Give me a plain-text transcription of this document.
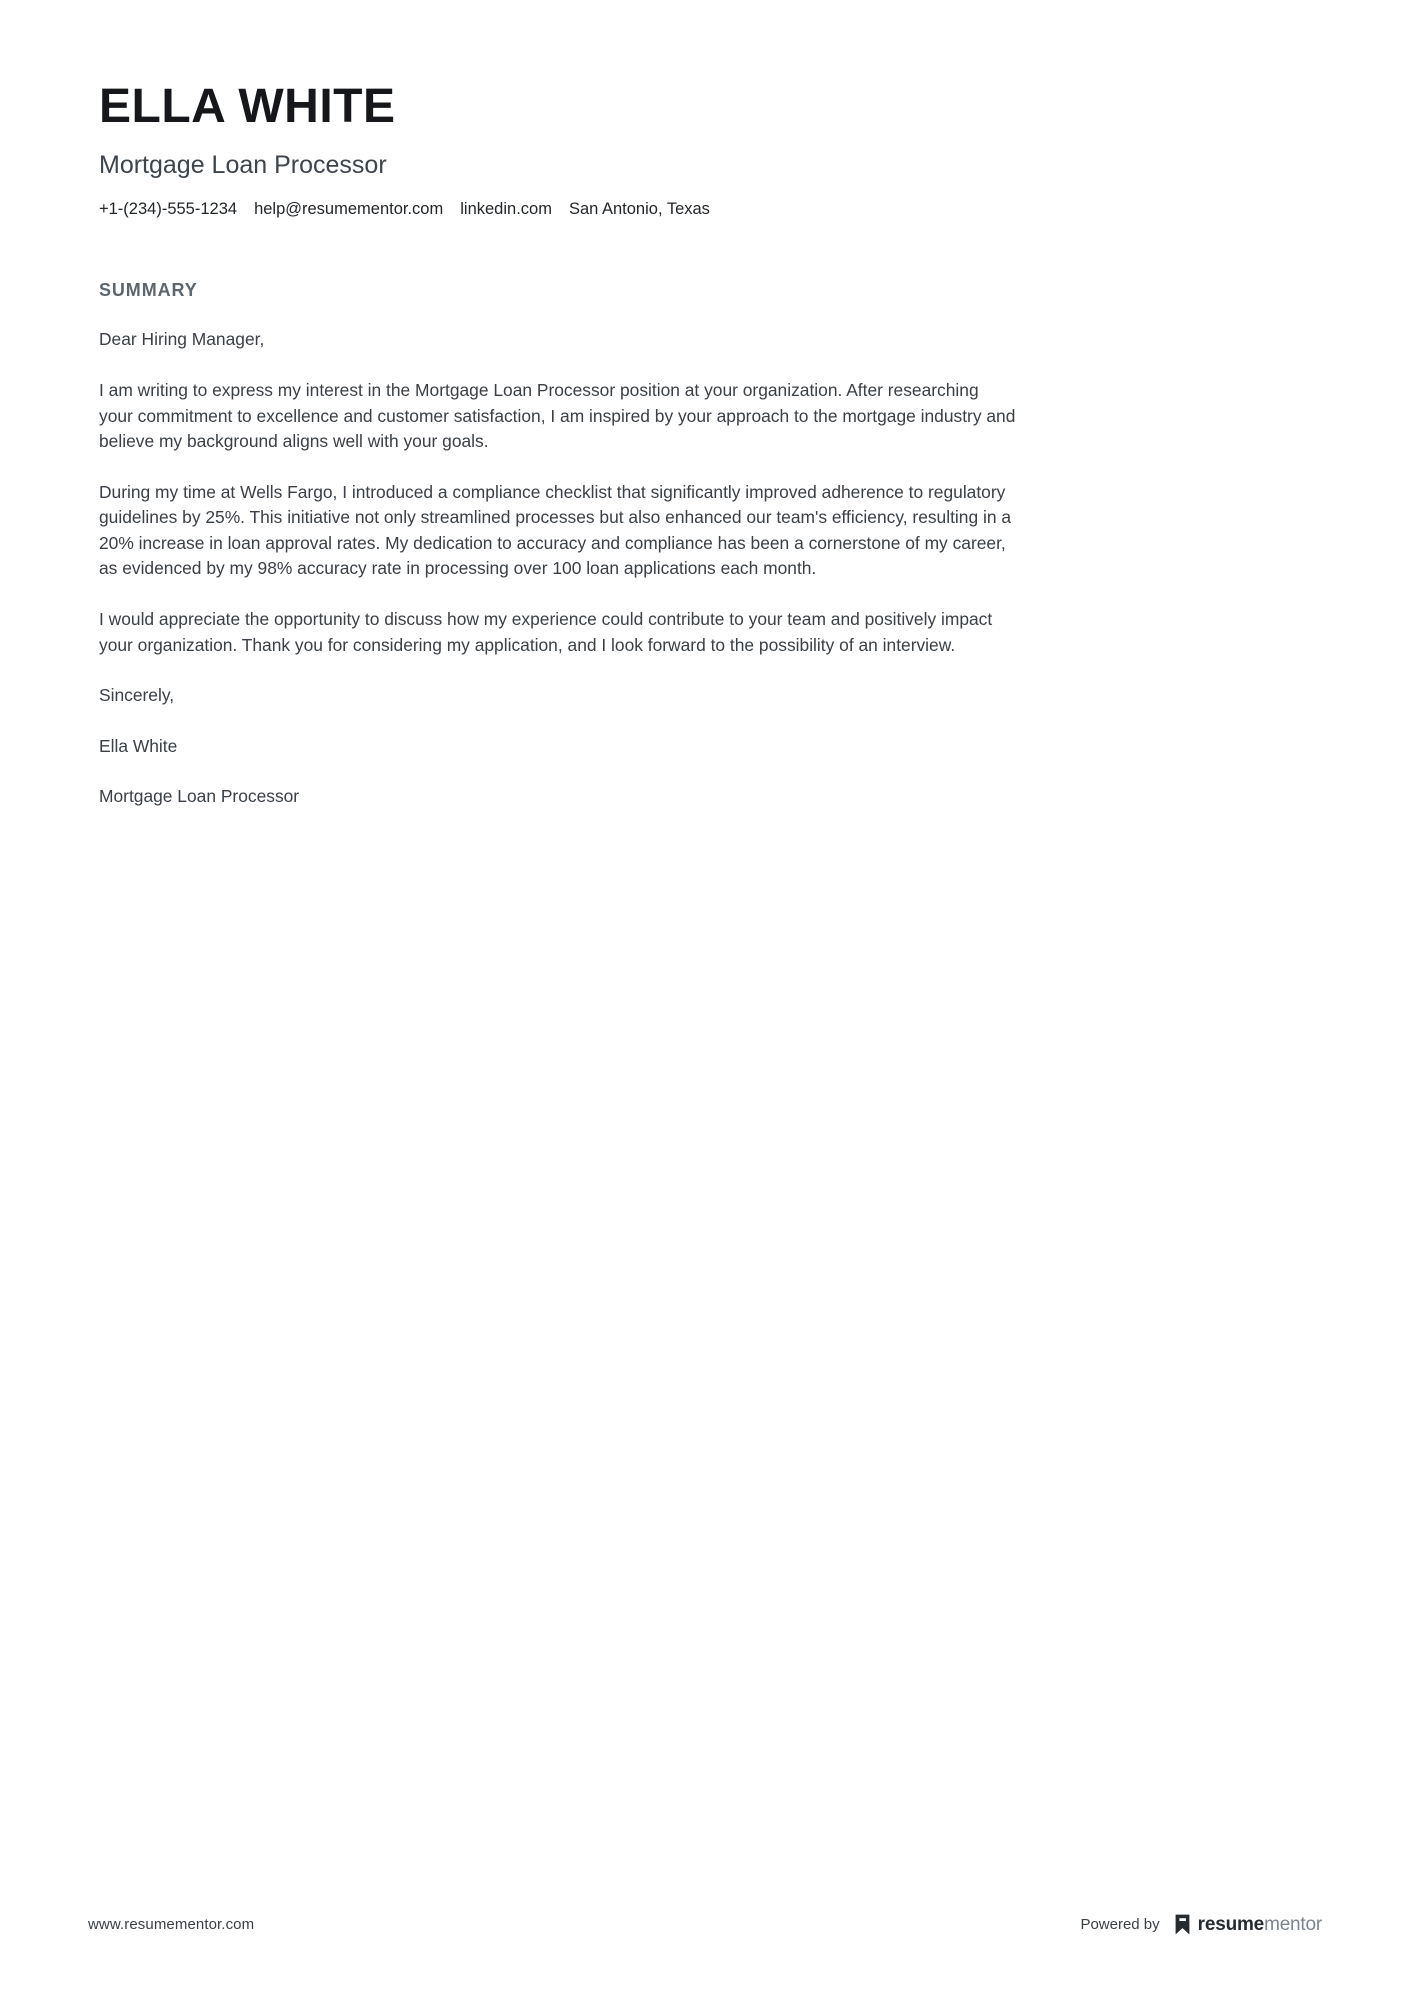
ELLA WHITE
Mortgage Loan Processor
+1-(234)-555-1234 help@resumementor.com linkedin.com San Antonio, Texas
SUMMARY

Dear Hiring Manager,

I am writing to express my interest in the Mortgage Loan Processor position at your organization. After researching your commitment to excellence and customer satisfaction, I am inspired by your approach to the mortgage industry and believe my background aligns well with your goals.

During my time at Wells Fargo, I introduced a compliance checklist that significantly improved adherence to regulatory guidelines by 25%. This initiative not only streamlined processes but also enhanced our team's efficiency, resulting in a 20% increase in loan approval rates. My dedication to accuracy and compliance has been a cornerstone of my career, as evidenced by my 98% accuracy rate in processing over 100 loan applications each month.

I would appreciate the opportunity to discuss how my experience could contribute to your team and positively impact your organization. Thank you for considering my application, and I look forward to the possibility of an interview.

Sincerely,

Ella White

Mortgage Loan Processor

www.resumementor.com	Powered by resumementor
